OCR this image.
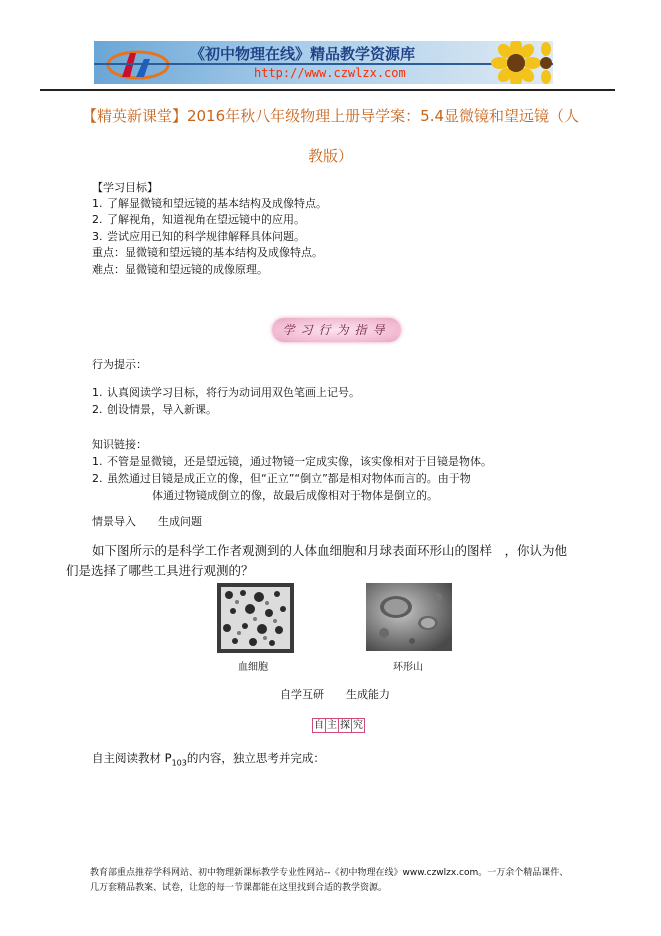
《初中物理在线》精品教学资源库
http://www.czwlzx.com
【精英新课堂】2016年秋八年级物理上册导学案：5.4显微镜和望远镜（人
教版）
【学习目标】
1. 了解显微镜和望远镜的基本结构及成像特点。
2. 了解视角，知道视角在望远镜中的应用。
3. 尝试应用已知的科学规律解释具体问题。
重点：显微镜和望远镜的基本结构及成像特点。
难点：显微镜和望远镜的成像原理。
学习行为指导
行为提示：
1. 认真阅读学习目标，将行为动词用双色笔画上记号。
2. 创设情景，导入新课。
知识链接：
1. 不管是显微镜，还是望远镜，通过物镜一定成实像，该实像相对于目镜是物体。
2. 虽然通过目镜是成正立的像，但“正立”“倒立”都是相对物体而言的。由于物
体通过物镜成倒立的像，故最后成像相对于物体是倒立的。
情景导入　　生成问题
如下图所示的是科学工作者观测到的人体血细胞和月球表面环形山的图样　，你认为他
们是选择了哪些工具进行观测的？
血细胞	环形山
自学互研　　生成能力
自 主 探 究
自主阅读教材 $P_{103}$的内容，独立思考并完成：
教育部重点推荐学科网站、初中物理新课标教学专业性网站--《初中物理在线》www.czwlzx.com。一万余个精品课件、
几万套精品教案、试卷，让您的每一节课都能在这里找到合适的教学资源。
